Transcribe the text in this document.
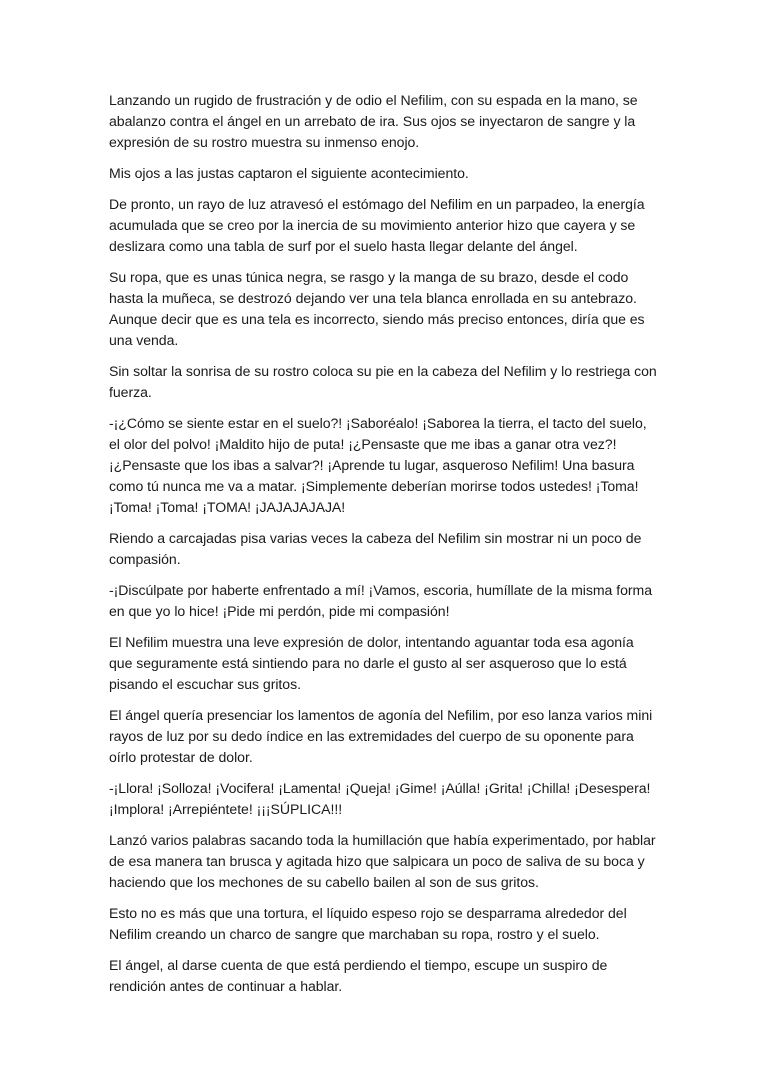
Lanzando un rugido de frustración y de odio el Nefilim, con su espada en la mano, se abalanzo contra el ángel en un arrebato de ira. Sus ojos se inyectaron de sangre y la expresión de su rostro muestra su inmenso enojo.

Mis ojos a las justas captaron el siguiente acontecimiento.

De pronto, un rayo de luz atravesó el estómago del Nefilim en un parpadeo, la energía acumulada que se creo por la inercia de su movimiento anterior hizo que cayera y se deslizara como una tabla de surf por el suelo hasta llegar delante del ángel.

Su ropa, que es unas túnica negra, se rasgo y la manga de su brazo, desde el codo hasta la muñeca, se destrozó dejando ver una tela blanca enrollada en su antebrazo. Aunque decir que es una tela es incorrecto, siendo más preciso entonces, diría que es una venda.

Sin soltar la sonrisa de su rostro coloca su pie en la cabeza del Nefilim y lo restriega con fuerza.

-¡¿Cómo se siente estar en el suelo?! ¡Saboréalo! ¡Saborea la tierra, el tacto del suelo, el olor del polvo! ¡Maldito hijo de puta! ¡¿Pensaste que me ibas a ganar otra vez?! ¡¿Pensaste que los ibas a salvar?! ¡Aprende tu lugar, asqueroso Nefilim! Una basura como tú nunca me va a matar. ¡Simplemente deberían morirse todos ustedes! ¡Toma! ¡Toma! ¡Toma! ¡TOMA! ¡JAJAJAJAJA!

Riendo a carcajadas pisa varias veces la cabeza del Nefilim sin mostrar ni un poco de compasión.

-¡Discúlpate por haberte enfrentado a mí! ¡Vamos, escoria, humíllate de la misma forma en que yo lo hice! ¡Pide mi perdón, pide mi compasión!

El Nefilim muestra una leve expresión de dolor, intentando aguantar toda esa agonía que seguramente está sintiendo para no darle el gusto al ser asqueroso que lo está pisando el escuchar sus gritos.

El ángel quería presenciar los lamentos de agonía del Nefilim, por eso lanza varios mini rayos de luz por su dedo índice en las extremidades del cuerpo de su oponente para oírlo protestar de dolor.

-¡Llora! ¡Solloza! ¡Vocifera! ¡Lamenta! ¡Queja! ¡Gime! ¡Aúlla! ¡Grita! ¡Chilla! ¡Desespera! ¡Implora! ¡Arrepiéntete! ¡¡¡SÚPLICA!!!

Lanzó varios palabras sacando toda la humillación que había experimentado, por hablar de esa manera tan brusca y agitada hizo que salpicara un poco de saliva de su boca y haciendo que los mechones de su cabello bailen al son de sus gritos.

Esto no es más que una tortura, el líquido espeso rojo se desparrama alrededor del Nefilim creando un charco de sangre que marchaban su ropa, rostro y el suelo.

El ángel, al darse cuenta de que está perdiendo el tiempo, escupe un suspiro de rendición antes de continuar a hablar.
